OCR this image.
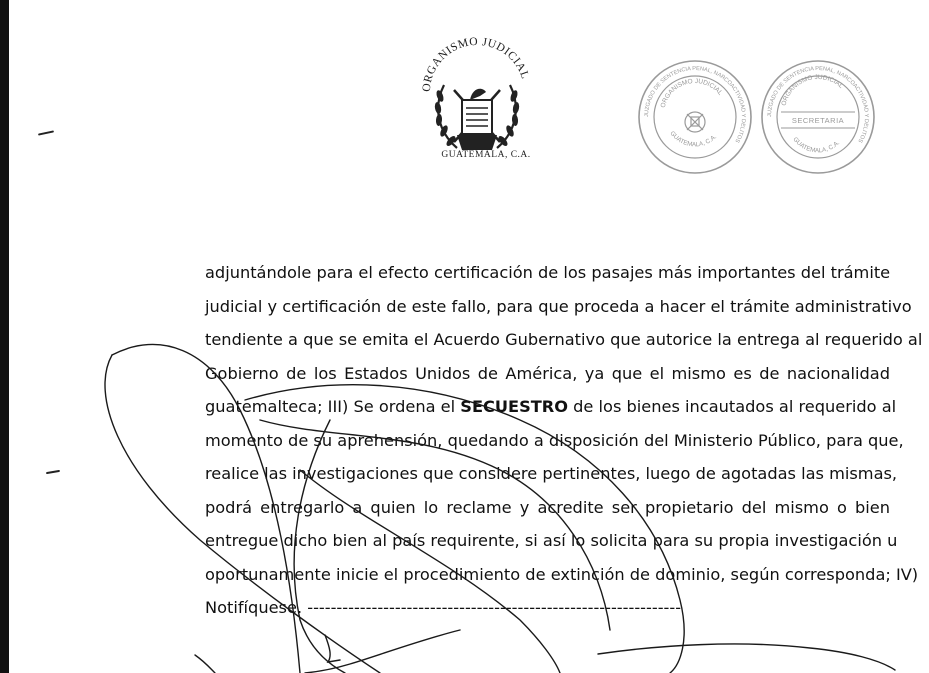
ORGANISMO JUDICIAL
GUATEMALA, C.A.
JUZGADO DE SENTENCIA PENAL, NARCOACTIVIDAD Y DELITOS
ORGANISMO JUDICIAL
GUATEMALA, C.A.
JUZGADO DE SENTENCIA PENAL, NARCOACTIVIDAD Y DELITOS
ORGANISMO JUDICIAL
SECRETARIA
GUATEMALA, C.A.
adjuntándole para el efecto certificación de los pasajes más importantes del trámite
judicial y certificación de este fallo, para que proceda a hacer el trámite administrativo
tendiente a que se emita el Acuerdo Gubernativo que autorice la entrega al requerido al
Gobierno de los Estados Unidos de América, ya que el mismo es de nacionalidad
guatemalteca; III) Se ordena el SECUESTRO de los bienes incautados al requerido al
momento de su aprehensión, quedando a disposición del Ministerio Público, para que,
realice las investigaciones que considere pertinentes, luego de agotadas las mismas,
podrá entregarlo a quien lo reclame y acredite ser propietario del mismo o bien
entregue dicho bien al país requirente, si así lo solicita para su propia investigación u
oportunamente inicie el procedimiento de extinción de dominio, según corresponda; IV)
Notifíquese. ----------------------------------------------------------------
